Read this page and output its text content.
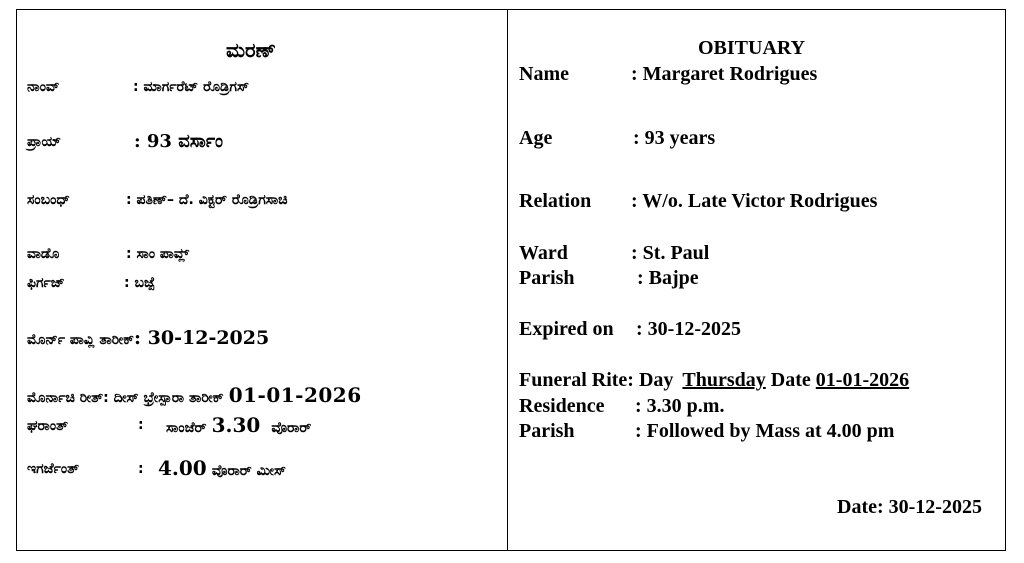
ಮರಣ್
ನಾಂವ್	: ಮಾರ್ಗರೆಟ್ ರೊಡ್ರಿಗಸ್
ಪ್ರಾಯ್	: 93 ವರ್ಸಾಂ
ಸಂಬಂಧ್	: ಪತಿಣ್– ದೆ. ವಿಕ್ಟರ್ ರೊಡ್ರಿಗಸಾಚಿ
ವಾಡೊ	: ಸಾಂ ಪಾವ್ಲ್
ಫಿರ್ಗಜ್	: ಬಜ್ಪೆ
ಮೊರ್ನ್ ಪಾವ್ಲಿ ತಾರೀಕ್: 30-12-2025
ಮೊರ್ನಾಚಿ ರೀತ್: ದೀಸ್ ಭ್ರೇಸ್ಪಾರಾ ತಾರೀಕ್ 01-01-2026
ಘರಾಂತ್	: ಸಾಂಜೆರ್ 3.30 ವೊರಾರ್
ಇಗರ್ಜೆಂತ್	: 4.00 ವೊರಾರ್ ಮೀಸ್
OBITUARY
Name	: Margaret Rodrigues
Age	: 93 years
Relation : W/o. Late Victor Rodrigues
Ward	: St. Paul
Parish	: Bajpe
Expired on : 30-12-2025
Funeral Rite: Day Thursday Date 01-01-2026
Residence : 3.30 p.m.
Parish	: Followed by Mass at 4.00 pm
Date: 30-12-2025
